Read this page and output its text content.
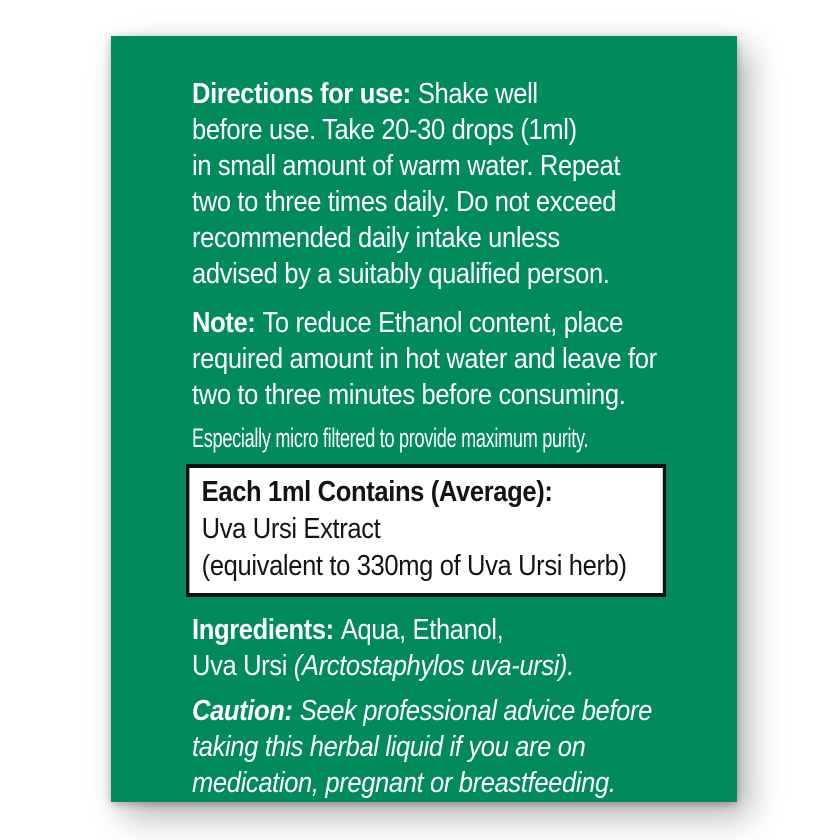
Directions for use: Shake well
before use. Take 20-30 drops (1ml)
in small amount of warm water. Repeat
two to three times daily. Do not exceed
recommended daily intake unless
advised by a suitably qualified person.
Note: To reduce Ethanol content, place
required amount in hot water and leave for
two to three minutes before consuming.
Especially micro filtered to provide maximum purity.
Each 1ml Contains (Average):
Uva Ursi Extract
(equivalent to 330mg of Uva Ursi herb)
Ingredients: Aqua, Ethanol,
Uva Ursi (Arctostaphylos uva-ursi).
Caution: Seek professional advice before
taking this herbal liquid if you are on
medication, pregnant or breastfeeding.
